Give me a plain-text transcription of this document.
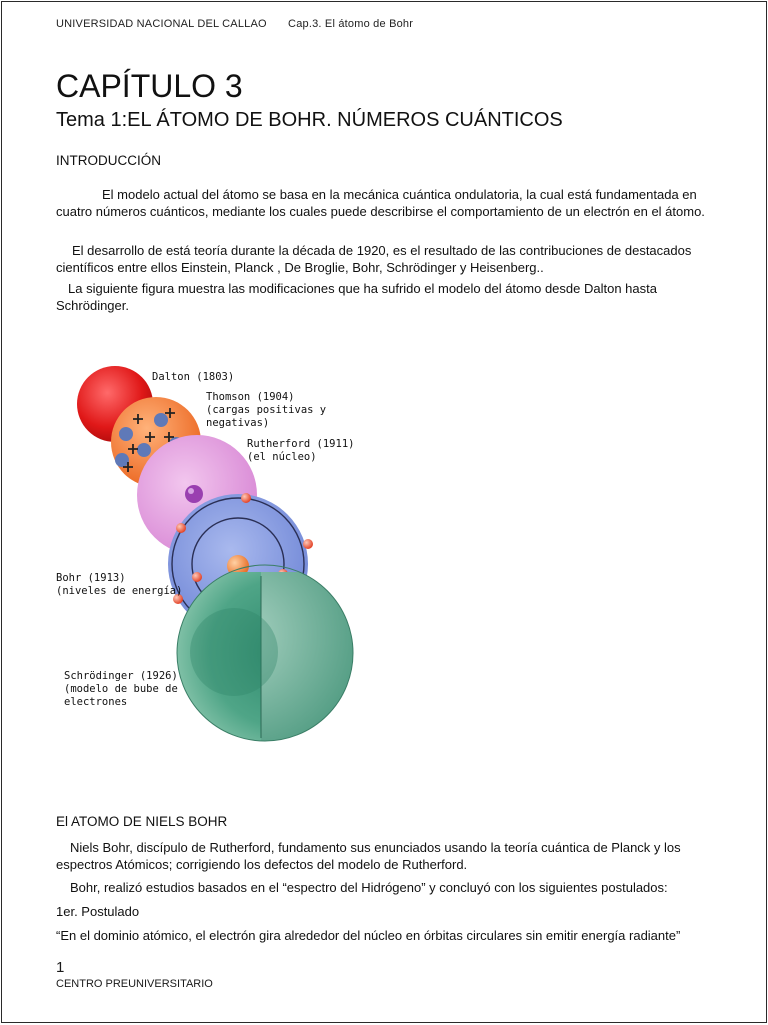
UNIVERSIDAD NACIONAL DEL CALLAO Cap.3. El átomo de Bohr
CAPÍTULO 3
Tema 1:EL ÁTOMO DE BOHR. NÚMEROS CUÁNTICOS
INTRODUCCIÓN

El modelo actual del átomo se basa en la mecánica cuántica ondulatoria, la cual está fundamentada en cuatro números cuánticos, mediante los cuales puede describirse el comportamiento de un electrón en el átomo.

El desarrollo de está teoría durante la década de 1920, es el resultado de las contribuciones de destacados científicos entre ellos Einstein, Planck , De Broglie, Bohr, Schrödinger y Heisenberg..

La siguiente figura muestra las modificaciones que ha sufrido el modelo del átomo desde Dalton hasta Schrödinger.

Dalton (1803)
Thomson (1904)
(cargas positivas y
negativas)
Rutherford (1911)
(el núcleo)
Bohr (1913)
(niveles de energía)
Schrödinger (1926)
(modelo de bube de
electrones
El ATOMO DE NIELS BOHR

Niels Bohr, discípulo de Rutherford, fundamento sus enunciados usando la teoría cuántica de Planck y los espectros Atómicos; corrigiendo los defectos del modelo de Rutherford.

Bohr, realizó estudios basados en el “espectro del Hidrógeno” y concluyó con los siguientes postulados:

1er. Postulado

“En el dominio atómico, el electrón gira alrededor del núcleo en órbitas circulares sin emitir energía radiante”

1
CENTRO PREUNIVERSITARIO
